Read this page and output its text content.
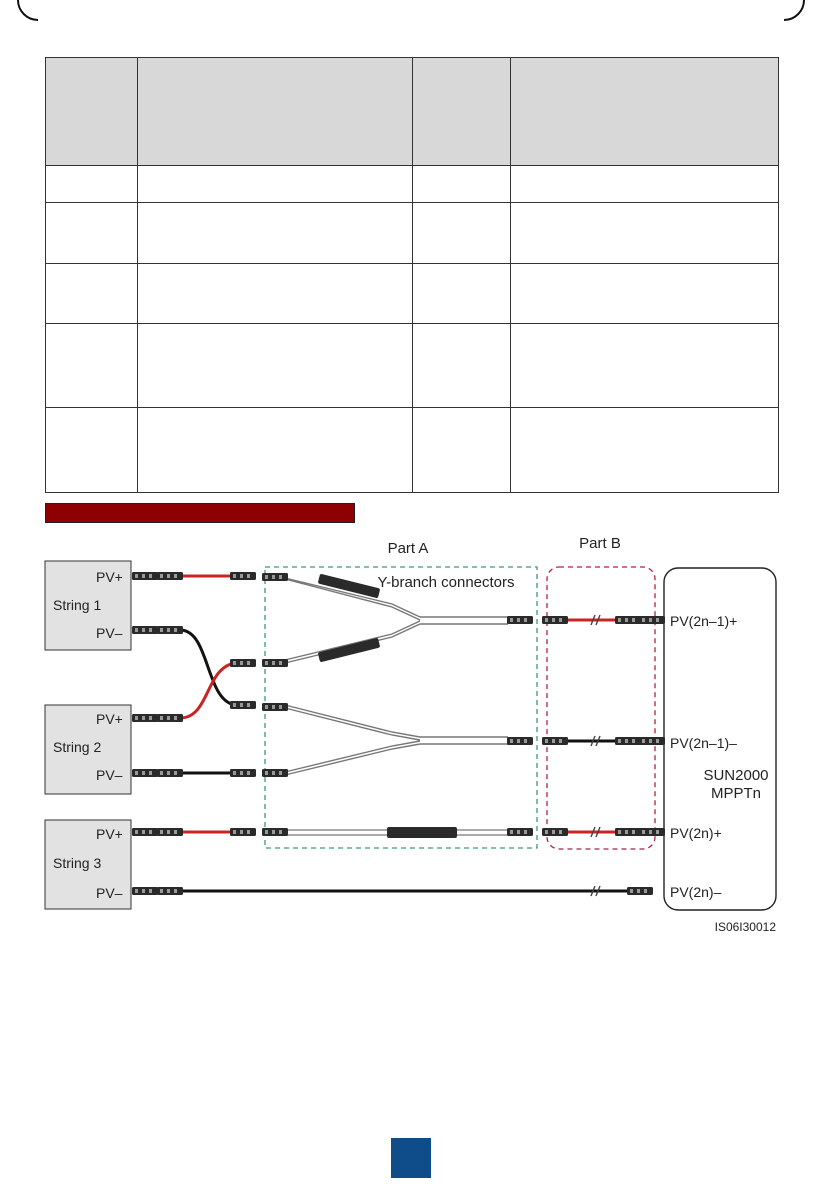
Part A	Part B
Y-branch connectors
PV+
String 1
PV–
PV+
String 2
PV–
PV+
String 3
PV–
PV(2n–1)+
PV(2n–1)–
PV(2n)+
PV(2n)–
SUN2000
MPPTn
IS06I30012
